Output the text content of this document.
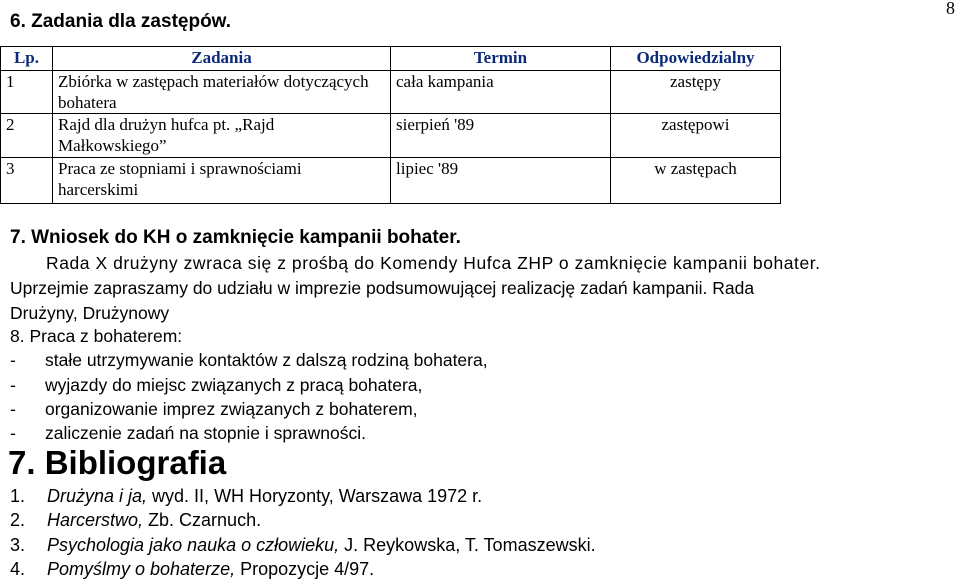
8
6. Zadania dla zastępów.
Lp.	Zadania	Termin	Odpowiedzialny
1	Zbiórka w zastępach materiałów dotyczących bohatera	cała kampania	zastępy
2	Rajd dla drużyn hufca pt. „Rajd Małkowskiego”	sierpień '89	zastępowi
3	Praca ze stopniami i sprawnościami harcerskimi	lipiec '89	w zastępach
7. Wniosek do KH o zamknięcie kampanii bohater.
Rada X drużyny zwraca się z prośbą do Komendy Hufca ZHP o zamknięcie kampanii bohater.
Uprzejmie zapraszamy do udziału w imprezie podsumowującej realizację zadań kampanii. Rada
Drużyny, Drużynowy
8. Praca z bohaterem:
- stałe utrzymywanie kontaktów z dalszą rodziną bohatera,
- wyjazdy do miejsc związanych z pracą bohatera,
- organizowanie imprez związanych z bohaterem,
- zaliczenie zadań na stopnie i sprawności.
7. Bibliografia
1. Drużyna i ja, wyd. II, WH Horyzonty, Warszawa 1972 r.
2. Harcerstwo, Zb. Czarnuch.
3. Psychologia jako nauka o człowieku, J. Reykowska, T. Tomaszewski.
4. Pomyślmy o bohaterze, Propozycje 4/97.
